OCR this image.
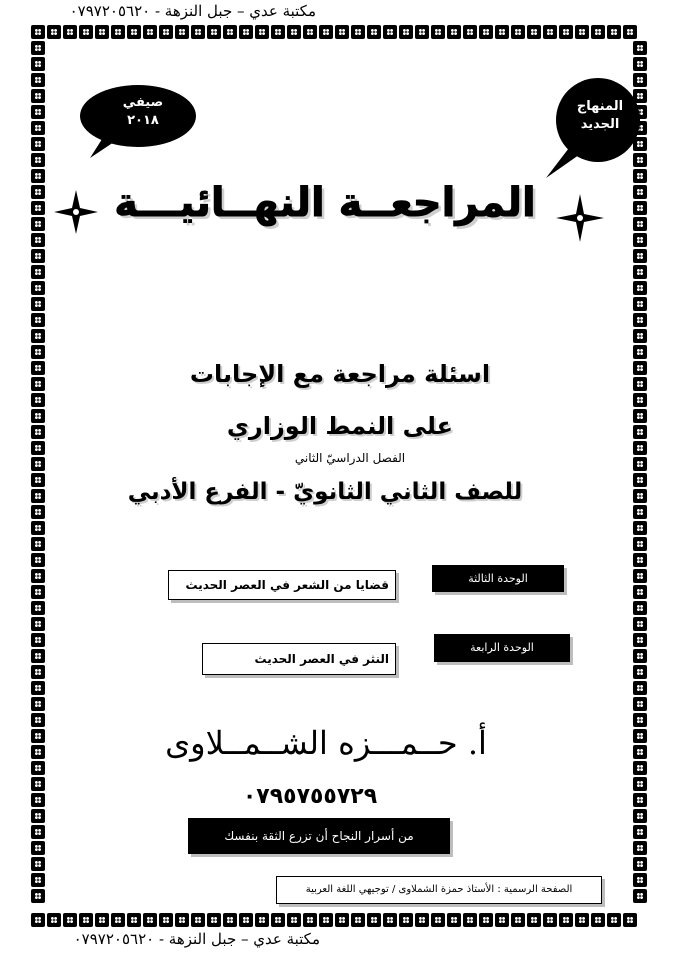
مكتبة عدي – جبل النزهة - ٠٧٩٧٢٠٥٦٢٠
صيفي
٢٠١٨
المنهاج
الجديد
المراجعــة النهــائيـــة
اسئلة مراجعة مع الإجابات
على النمط الوزاري
الفصل الدراسيّ الثاني
للصف الثاني الثانويّ - الفرع الأدبي
الوحدة الثالثة
قضايا من الشعر في العصر الحديث
الوحدة الرابعة
النثر في العصر الحديث
أ. حــمـــزه الشــمــلاوى
٠٧٩٥٧٥٥٧٢٩
من أسرار النجاح أن تزرع الثقة بنفسك
الصفحة الرسمية : الأستاذ حمزة الشملاوى / توجيهي اللغة العربية
مكتبة عدي – جبل النزهة - ٠٧٩٧٢٠٥٦٢٠
